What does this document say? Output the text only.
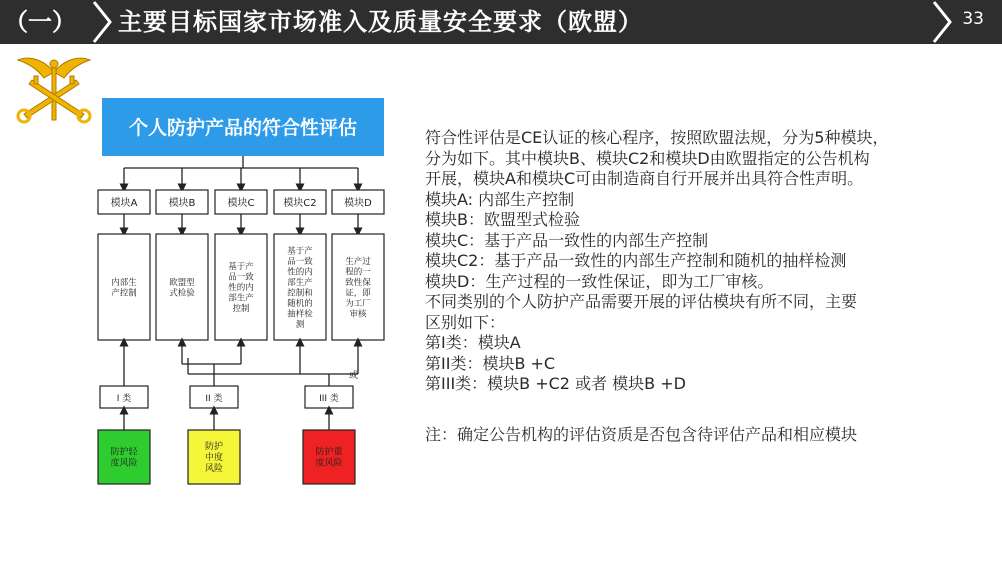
（一） 主要目标国家市场准入及质量安全要求（欧盟）	33
个人防护产品的符合性评估
模块A	模块B	模块C	模块C2	模块D
内部生
产控制
欧盟型
式检验
基于产
品一致
性的内
部生产
控制
基于产
品一致
性的内
部生产
控制和
随机的
抽样检
测
生产过
程的一
致性保
证，即
为工厂
审核
或
I 类	II 类	III 类
防护轻
度风险
防护
中度
风险
防护重
度风险
符合性评估是CE认证的核心程序，按照欧盟法规，分为5种模块，
分为如下。其中模块B、模块C2和模块D由欧盟指定的公告机构
开展，模块A和模块C可由制造商自行开展并出具符合性声明。
模块A: 内部生产控制
模块B：欧盟型式检验
模块C：基于产品一致性的内部生产控制
模块C2：基于产品一致性的内部生产控制和随机的抽样检测
模块D：生产过程的一致性保证，即为工厂审核。
不同类别的个人防护产品需要开展的评估模块有所不同，主要
区别如下：
第I类：模块A
第II类：模块B +C
第III类：模块B +C2 或者 模块B +D
注：确定公告机构的评估资质是否包含待评估产品和相应模块
